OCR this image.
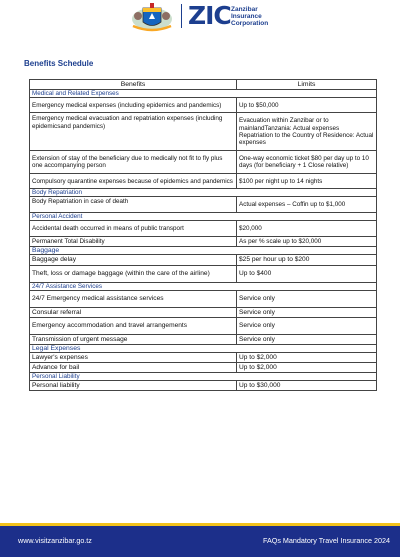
ZIC Zanzibar
Insurance
Corporation
Benefits Schedule
Benefits	Limits
Medical and Related Expenses	
Emergency medical expenses (including epidemics and pandemics)	Up to $50,000
Emergency medical evacuation and repatriation expenses (including epidemicsand pandemics)	Evacuation within Zanzibar or to mainlandTanzania: Actual expenses Repatriation to the Country of Residence: Actual expenses
Extension of stay of the beneficiary due to medically not fit to fly plus one accompanying person	One-way economic ticket $80 per day up to 10 days (for beneficiary + 1 Close relative)
Compulsory quarantine expenses because of epidemics and pandemics	$100 per night up to 14 nights
Body Repatriation	
Body Repatriation in case of death	Actual expenses – Coffin up to $1,000
Personal Accident	
Accidental death occurred in means of public transport	$20,000
Permanent Total Disability	As per % scale up to $20,000
Baggage	
Baggage delay	$25 per hour up to $200
Theft, loss or damage baggage (within the care of the airline)	Up to $400
24/7 Assistance Services	
24/7 Emergency medical assistance services	Service only
Consular referral	Service only
Emergency accommodation and travel arrangements	Service only
Transmission of urgent message	Service only
Legal Expenses	
Lawyer's expenses	Up to $2,000
Advance for bail	Up to $2,000
Personal Liability	
Personal liability	Up to $30,000
www.visitzanzibar.go.tz	FAQs Mandatory Travel Insurance 2024
